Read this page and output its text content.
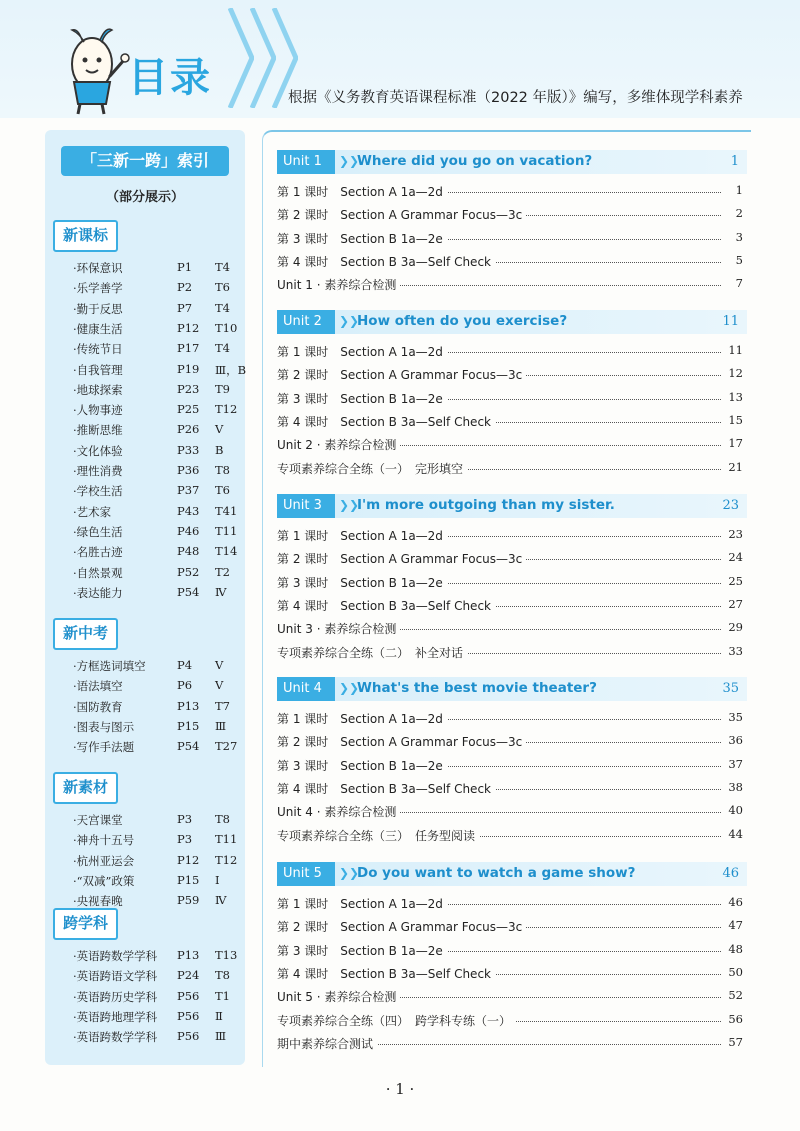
目录	根据《义务教育英语课程标准（2022 年版）》编写，多维体现学科素养
「三新一跨」索引
（部分展示）
新课标
·环保意识	P1 T4
·乐学善学	P2 T6
·勤于反思	P7 T4
·健康生活	P12 T10
·传统节日	P17 T4
·自我管理	P19 Ⅲ，B
·地球探索	P23 T9
·人物事迹	P25 T12
·推断思维	P26 Ⅴ
·文化体验	P33 B
·理性消费	P36 T8
·学校生活	P37 T6
·艺术家	P43 T41
·绿色生活	P46 T11
·名胜古迹	P48 T14
·自然景观	P52 T2
·表达能力	P54 Ⅳ
新中考
·方框选词填空	P4 Ⅴ
·语法填空	P6 Ⅴ
·国防教育	P13 T7
·图表与图示	P15 Ⅲ
·写作手法题	P54 T27
新素材
·天宫课堂	P3 T8
·神舟十五号	P3 T11
·杭州亚运会	P12 T12
·“双减”政策	P15 Ⅰ
·央视春晚	P59 Ⅳ
跨学科
·英语跨数学学科 P13 T13
·英语跨语文学科 P24 T8
·英语跨历史学科 P56 T1
·英语跨地理学科 P56 Ⅱ
·英语跨数学学科 P56 Ⅲ
Unit 1	❯❯
Where did you go on vacation?	1
第 1 课时　Section A 1a—2d	1
第 2 课时　Section A Grammar Focus—3c	2
第 3 课时　Section B 1a—2e	3
第 4 课时　Section B 3a—Self Check	5
Unit 1 · 素养综合检测	7
Unit 2	❯❯
How often do you exercise?	11
第 1 课时　Section A 1a—2d	11
第 2 课时　Section A Grammar Focus—3c	12
第 3 课时　Section B 1a—2e	13
第 4 课时　Section B 3a—Self Check	15
Unit 2 · 素养综合检测	17
专项素养综合全练（一）　完形填空	21
Unit 3	❯❯
I'm more outgoing than my sister.	23
第 1 课时　Section A 1a—2d	23
第 2 课时　Section A Grammar Focus—3c	24
第 3 课时　Section B 1a—2e	25
第 4 课时　Section B 3a—Self Check	27
Unit 3 · 素养综合检测	29
专项素养综合全练（二）　补全对话	33
Unit 4	❯❯
What's the best movie theater?	35
第 1 课时　Section A 1a—2d	35
第 2 课时　Section A Grammar Focus—3c	36
第 3 课时　Section B 1a—2e	37
第 4 课时　Section B 3a—Self Check	38
Unit 4 · 素养综合检测	40
专项素养综合全练（三）　任务型阅读	44
Unit 5	❯❯
Do you want to watch a game show?	46
第 1 课时　Section A 1a—2d	46
第 2 课时　Section A Grammar Focus—3c	47
第 3 课时　Section B 1a—2e	48
第 4 课时　Section B 3a—Self Check	50
Unit 5 · 素养综合检测	52
专项素养综合全练（四）　跨学科专练（一）	56
期中素养综合测试	57
· 1 ·
